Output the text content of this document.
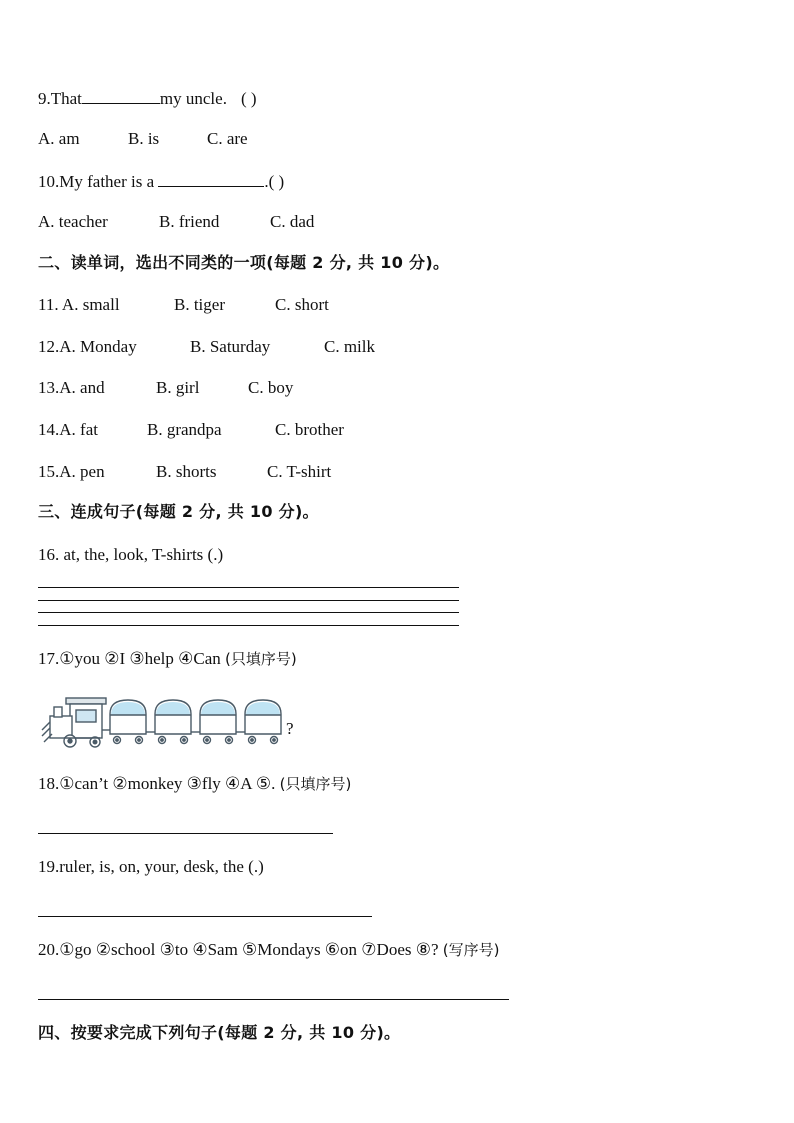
9.That	my uncle. ( )
A. am	B. is	C. are
10.My father is a	.( )
A. teacher	B. friend	C. dad
二、读单词，选出不同类的一项(每题 2 分, 共 10 分)。
11. A. small	B. tiger	C. short
12.A. Monday	B. Saturday	C. milk
13.A. and	B. girl	C. boy
14.A. fat	B. grandpa	C. brother
15.A. pen	B. shorts	C. T-shirt
三、连成句子(每题 2 分, 共 10 分)。
16. at, the, look, T-shirts (.)
17.①you ②I ③help ④Can (只填序号)
?
18.①can’t ②monkey ③fly ④A ⑤. (只填序号)
19.ruler, is, on, your, desk, the (.)
20.①go ②school ③to ④Sam ⑤Mondays ⑥on ⑦Does ⑧? (写序号)
四、按要求完成下列句子(每题 2 分, 共 10 分)。
